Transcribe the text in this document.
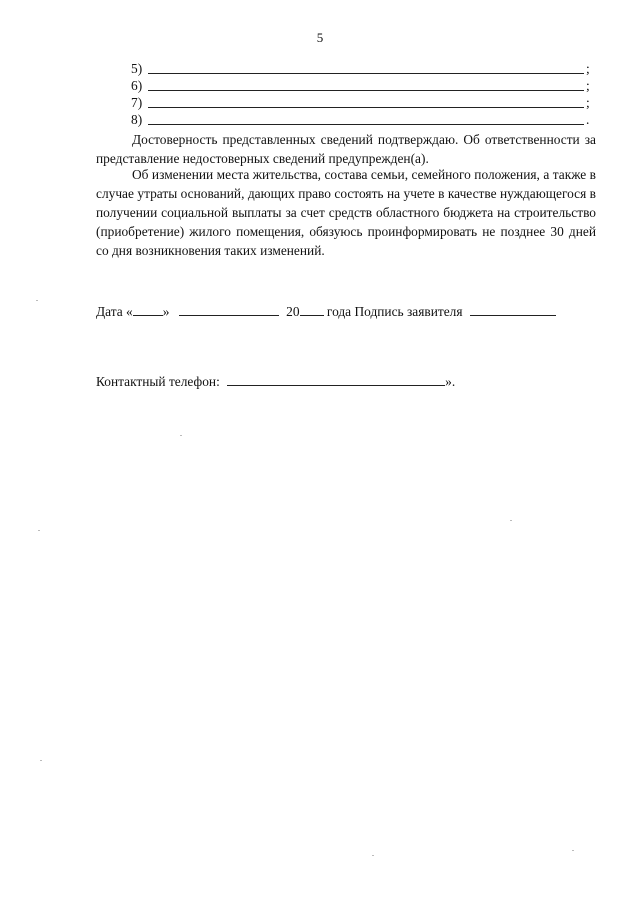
5
5)	;
6)	;
7)	;
8)	.
Достоверность представленных сведений подтверждаю. Об ответственности за представление недостоверных сведений предупрежден(а).
Об изменении места жительства, состава семьи, семейного положения, а также в случае утраты оснований, дающих право состоять на учете в качестве нуждающегося в получении социальной выплаты за счет средств областного бюджета на строительство (приобретение) жилого помещения, обязуюсь проинформировать не позднее 30 дней со дня возникновения таких изменений.
Дата « »	20 года Подпись заявителя
Контактный телефон:	».
